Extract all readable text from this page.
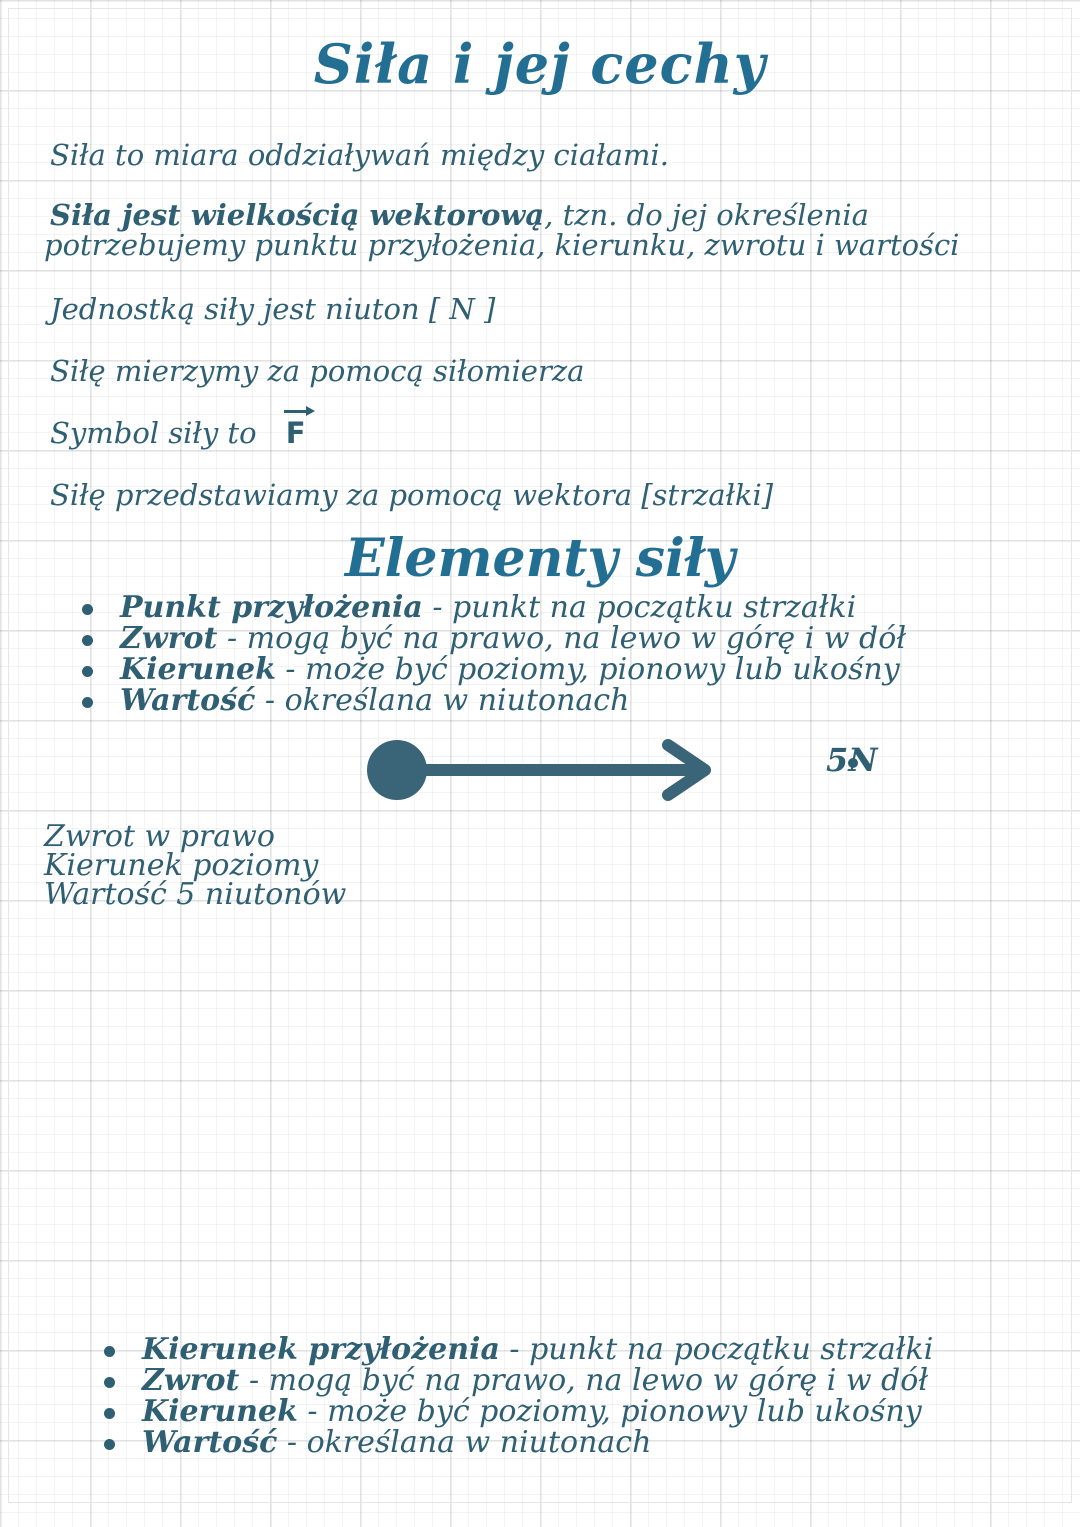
Siła i jej cechy
Siła to miara oddziaływań między ciałami.
Siła jest wielkością wektorową, tzn. do jej określenia
potrzebujemy punktu przyłożenia, kierunku, zwrotu i wartości
Jednostką siły jest niuton [ N ]
Siłę mierzymy za pomocą siłomierza
Symbol siły to F
Siłę przedstawiamy za pomocą wektora [strzałki]
Elementy siły
Punkt przyłożenia - punkt na początku strzałki
Zwrot - mogą być na prawo, na lewo w górę i w dół
Kierunek - może być poziomy, pionowy lub ukośny
Wartość - określana w niutonach
5N
Zwrot w prawo
Kierunek poziomy
Wartość 5 niutonów
Kierunek przyłożenia - punkt na początku strzałki
Zwrot - mogą być na prawo, na lewo w górę i w dół
Kierunek - może być poziomy, pionowy lub ukośny
Wartość - określana w niutonach
